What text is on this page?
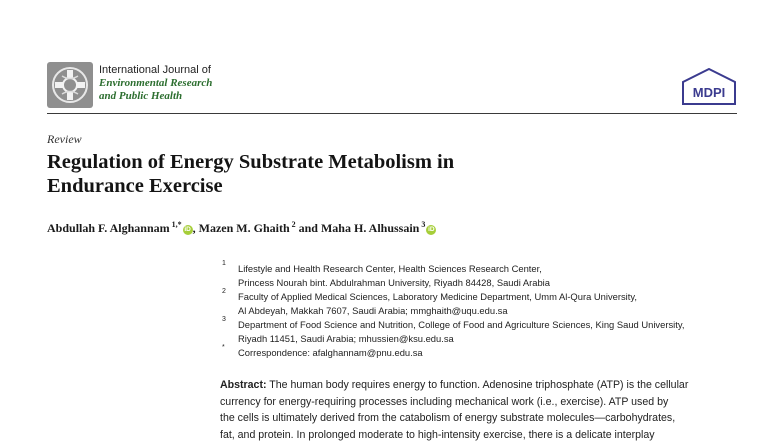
International Journal of
Environmental Research
and Public Health	MDPI
Review
Regulation of Energy Substrate Metabolism in
Endurance Exercise
Abdullah F. Alghannam $^{1,*}$iD , Mazen M. Ghaith $^2$ and Maha H. Alhussain $^3$iD
1 Lifestyle and Health Research Center, Health Sciences Research Center,
Princess Nourah bint. Abdulrahman University, Riyadh 84428, Saudi Arabia
2 Faculty of Applied Medical Sciences, Laboratory Medicine Department, Umm Al-Qura University,
Al Abdeyah, Makkah 7607, Saudi Arabia; mmghaith@uqu.edu.sa
3 Department of Food Science and Nutrition, College of Food and Agriculture Sciences, King Saud University,
Riyadh 11451, Saudi Arabia; mhussien@ksu.edu.sa
* Correspondence: afalghannam@pnu.edu.sa
Abstract: The human body requires energy to function. Adenosine triphosphate (ATP) is the cellular
currency for energy-requiring processes including mechanical work (i.e., exercise). ATP used by
the cells is ultimately derived from the catabolism of energy substrate molecules—carbohydrates,
fat, and protein. In prolonged moderate to high-intensity exercise, there is a delicate interplay
